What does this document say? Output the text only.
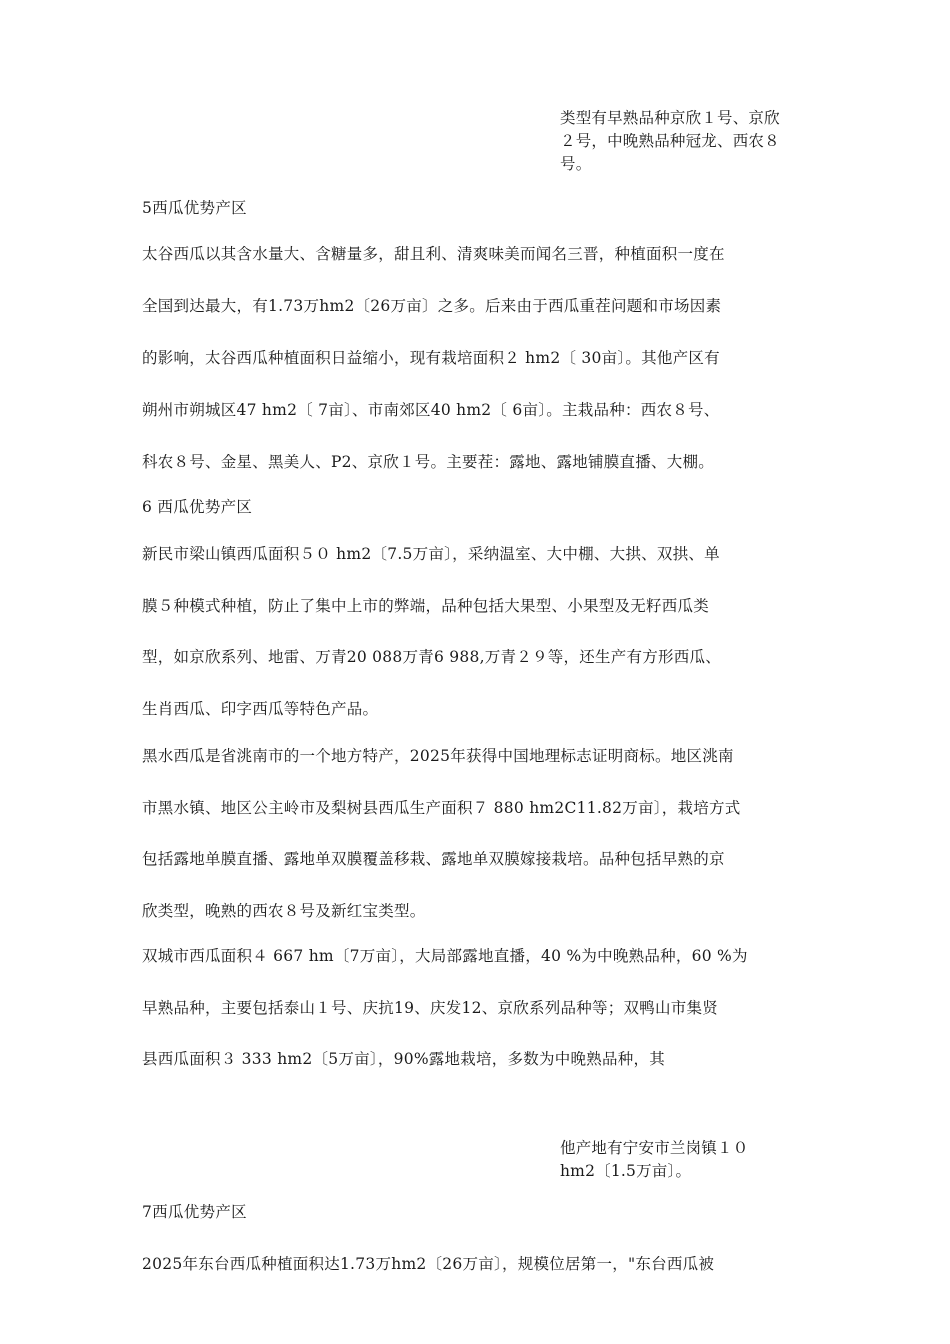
类型有早熟品种京欣１号、京欣
２号，中晚熟品种冠龙、西农８
号。
5西瓜优势产区
太谷西瓜以其含水量大、含糖量多，甜且利、清爽味美而闻名三晋，种植面积一度在
全国到达最大，有1.73万hm2〔26万亩〕之多。后来由于西瓜重茬问题和市场因素
的影响，太谷西瓜种植面积日益缩小，现有栽培面积２ hm2〔 30亩〕。其他产区有
朔州市朔城区47 hm2〔 7亩〕、市南郊区40 hm2〔 6亩〕。主栽品种：西农８号、
科农８号、金星、黑美人、P2、京欣１号。主要茬：露地、露地铺膜直播、大棚。
6 西瓜优势产区
新民市梁山镇西瓜面积５０ hm2〔7.5万亩〕，采纳温室、大中棚、大拱、双拱、单
膜５种模式种植，防止了集中上市的弊端，品种包括大果型、小果型及无籽西瓜类
型，如京欣系列、地雷、万青20 088万青6 988,万青２９等，还生产有方形西瓜、
生肖西瓜、印字西瓜等特色产品。
黑水西瓜是省洮南市的一个地方特产，2025年获得中国地理标志证明商标。地区洮南
市黑水镇、地区公主岭市及梨树县西瓜生产面积７ 880 hm2C11.82万亩〕，栽培方式
包括露地单膜直播、露地单双膜覆盖移栽、露地单双膜嫁接栽培。品种包括早熟的京
欣类型，晚熟的西农８号及新红宝类型。
双城市西瓜面积４ 667 hm〔7万亩〕，大局部露地直播，40 %为中晚熟品种，60 %为
早熟品种，主要包括泰山１号、庆抗19、庆发12、京欣系列品种等；双鸭山市集贤
县西瓜面积３ 333 hm2〔5万亩〕，90%露地栽培，多数为中晚熟品种，其
他产地有宁安市兰岗镇１０
hm2〔1.5万亩〕。
7西瓜优势产区
2025年东台西瓜种植面积达1.73万hm2〔26万亩〕，规模位居第一，"东台西瓜被
